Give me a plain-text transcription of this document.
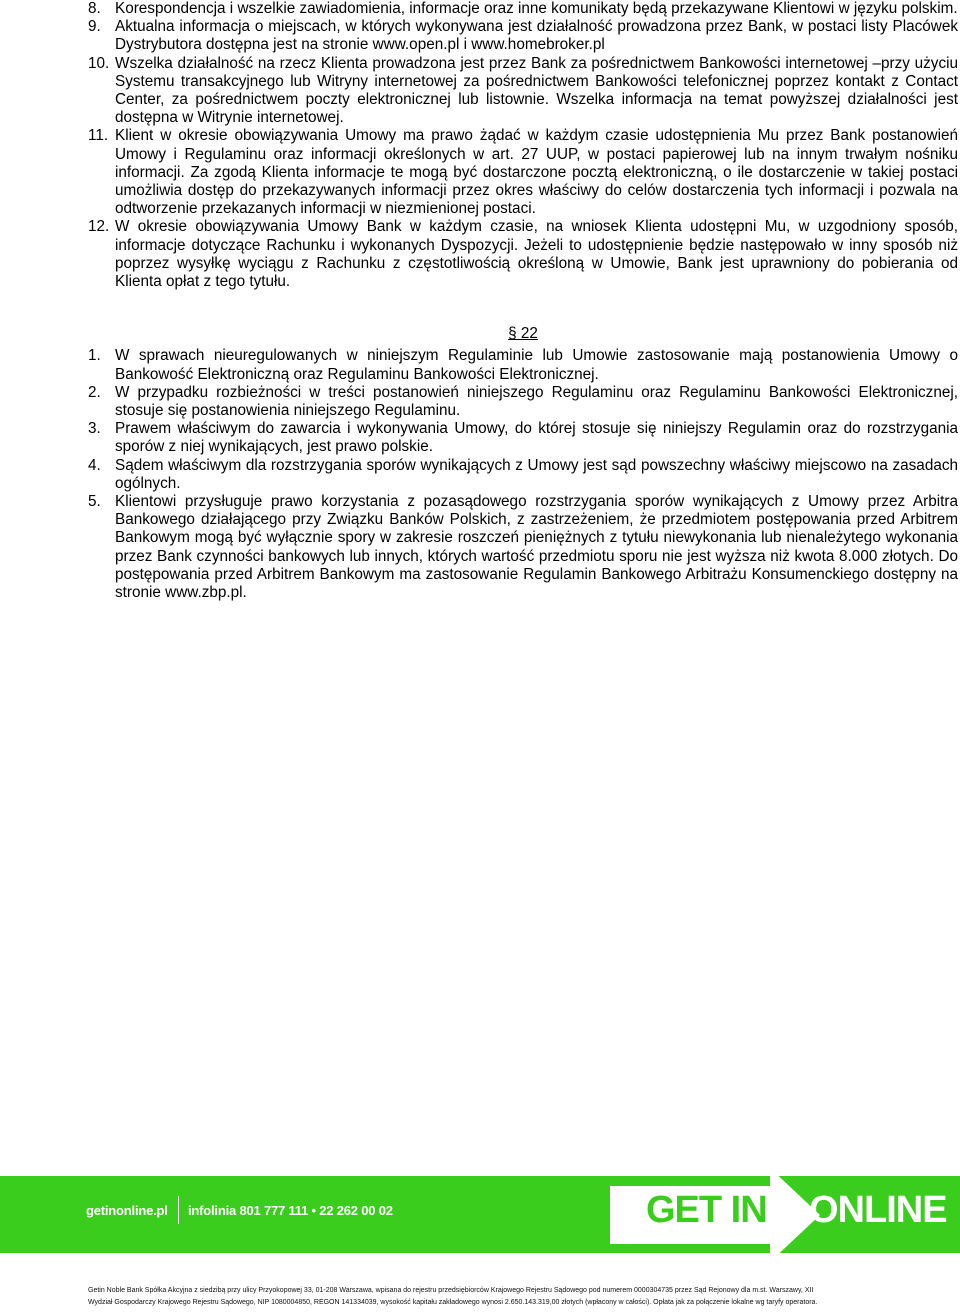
8. Korespondencja i wszelkie zawiadomienia, informacje oraz inne komunikaty będą przekazywane Klientowi w języku polskim.
9. Aktualna informacja o miejscach, w których wykonywana jest działalność prowadzona przez Bank, w postaci listy Placówek Dystrybutora dostępna jest na stronie www.open.pl i www.homebroker.pl
10. Wszelka działalność na rzecz Klienta prowadzona jest przez Bank za pośrednictwem Bankowości internetowej –przy użyciu Systemu transakcyjnego lub Witryny internetowej za pośrednictwem Bankowości telefonicznej poprzez kontakt z Contact Center, za pośrednictwem poczty elektronicznej lub listownie. Wszelka informacja na temat powyższej działalności jest dostępna w Witrynie internetowej.
11. Klient w okresie obowiązywania Umowy ma prawo żądać w każdym czasie udostępnienia Mu przez Bank postanowień Umowy i Regulaminu oraz informacji określonych w art. 27 UUP, w postaci papierowej lub na innym trwałym nośniku informacji. Za zgodą Klienta informacje te mogą być dostarczone pocztą elektroniczną, o ile dostarczenie w takiej postaci umożliwia dostęp do przekazywanych informacji przez okres właściwy do celów dostarczenia tych informacji i pozwala na odtworzenie przekazanych informacji w niezmienionej postaci.
12. W okresie obowiązywania Umowy Bank w każdym czasie, na wniosek Klienta udostępni Mu, w uzgodniony sposób, informacje dotyczące Rachunku i wykonanych Dyspozycji. Jeżeli to udostępnienie będzie następowało w inny sposób niż poprzez wysyłkę wyciągu z Rachunku z częstotliwością określoną w Umowie, Bank jest uprawniony do pobierania od Klienta opłat z tego tytułu.
§ 22
1. W sprawach nieuregulowanych w niniejszym Regulaminie lub Umowie zastosowanie mają postanowienia Umowy o Bankowość Elektroniczną oraz Regulaminu Bankowości Elektronicznej.
2. W przypadku rozbieżności w treści postanowień niniejszego Regulaminu oraz Regulaminu Bankowości Elektronicznej, stosuje się postanowienia niniejszego Regulaminu.
3. Prawem właściwym do zawarcia i wykonywania Umowy, do której stosuje się niniejszy Regulamin oraz do rozstrzygania sporów z niej wynikających, jest prawo polskie.
4. Sądem właściwym dla rozstrzygania sporów wynikających z Umowy jest sąd powszechny właściwy miejscowo na zasadach ogólnych.
5. Klientowi przysługuje prawo korzystania z pozasądowego rozstrzygania sporów wynikających z Umowy przez Arbitra Bankowego działającego przy Związku Banków Polskich, z zastrzeżeniem, że przedmiotem postępowania przed Arbitrem Bankowym mogą być wyłącznie spory w zakresie roszczeń pieniężnych z tytułu niewykonania lub nienależytego wykonania przez Bank czynności bankowych lub innych, których wartość przedmiotu sporu nie jest wyższa niż kwota 8.000 złotych. Do postępowania przed Arbitrem Bankowym ma zastosowanie Regulamin Bankowego Arbitrażu Konsumenckiego dostępny na stronie www.zbp.pl.
getinonline.pl infolinia 801 777 111 • 22 262 00 02	GET IN ONLINE
Getin Noble Bank Spółka Akcyjna z siedzibą przy ulicy Przyokopowej 33, 01-208 Warszawa, wpisana do rejestru przedsiębiorców Krajowego Rejestru Sądowego pod numerem 0000304735 przez Sąd Rejonowy dla m.st. Warszawy, XII
Wydział Gospodarczy Krajowego Rejestru Sądowego, NIP 1080004850, REGON 141334039, wysokość kapitału zakładowego wynosi 2.650.143.319,00 złotych (wpłacony w całości). Opłata jak za połączenie lokalne wg taryfy operatora.
